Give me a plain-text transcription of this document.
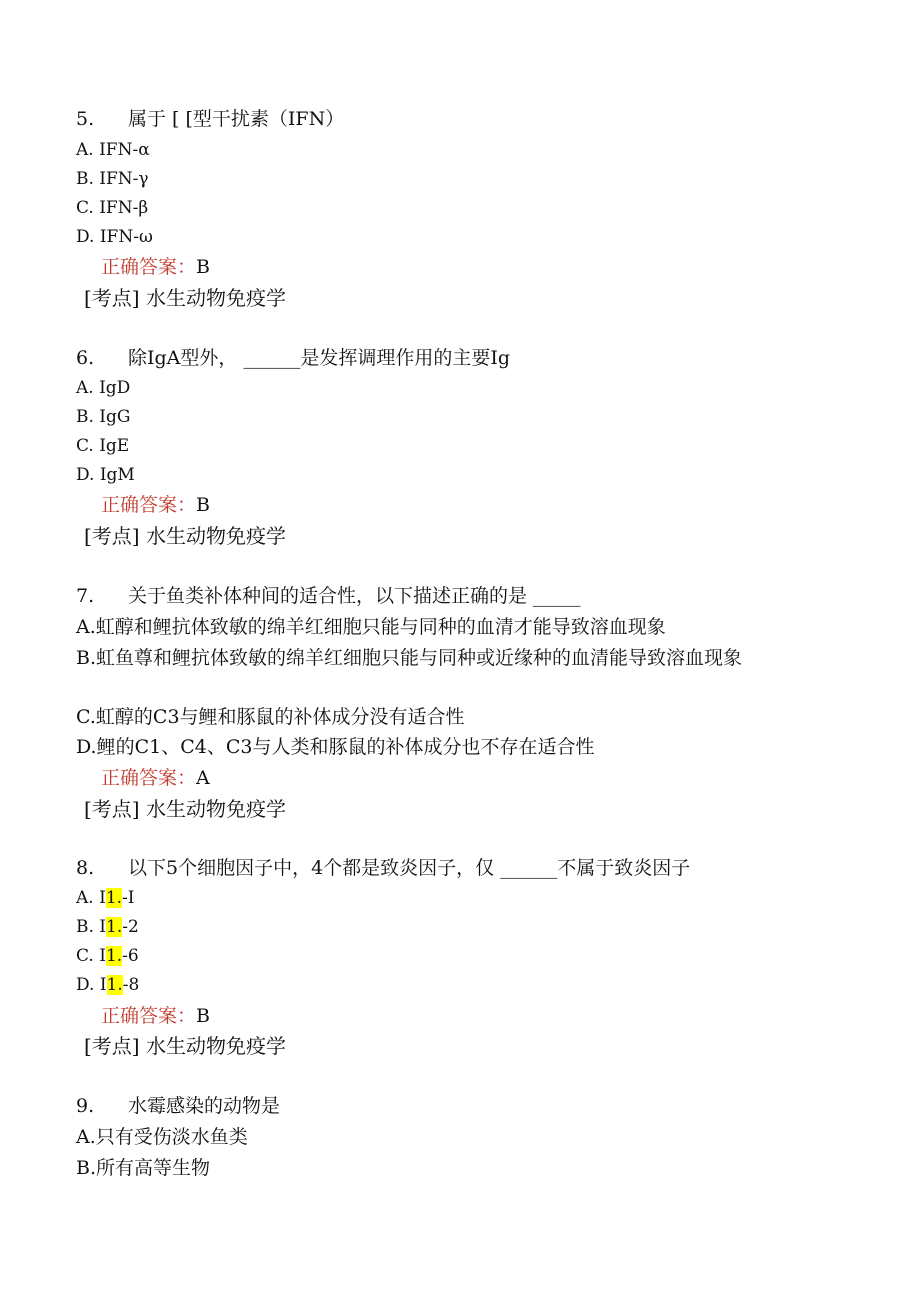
5. 属于 [ [型干扰素（IFN）
A. IFN-α
B. IFN-γ
C. IFN-β
D. IFN-ω
正确答案：B
[考点] 水生动物免疫学
6. 除IgA型外， ______是发挥调理作用的主要Ig
A. IgD
B. IgG
C. IgE
D. IgM
正确答案：B
[考点] 水生动物免疫学
7. 关于鱼类补体种间的适合性，以下描述正确的是 _____
A.虹醇和鲤抗体致敏的绵羊红细胞只能与同种的血清才能导致溶血现象
B.虹鱼尊和鲤抗体致敏的绵羊红细胞只能与同种或近缘种的血清能导致溶血现象
C.虹醇的C3与鲤和豚鼠的补体成分没有适合性
D.鲤的C1、C4、C3与人类和豚鼠的补体成分也不存在适合性
正确答案：A
[考点] 水生动物免疫学
8. 以下5个细胞因子中，4个都是致炎因子，仅 ______不属于致炎因子
A. I1.-I
B. I1.-2
C. I1.-6
D. I1.-8
正确答案：B
[考点] 水生动物免疫学
9. 水霉感染的动物是
A.只有受伤淡水鱼类
B.所有高等生物
